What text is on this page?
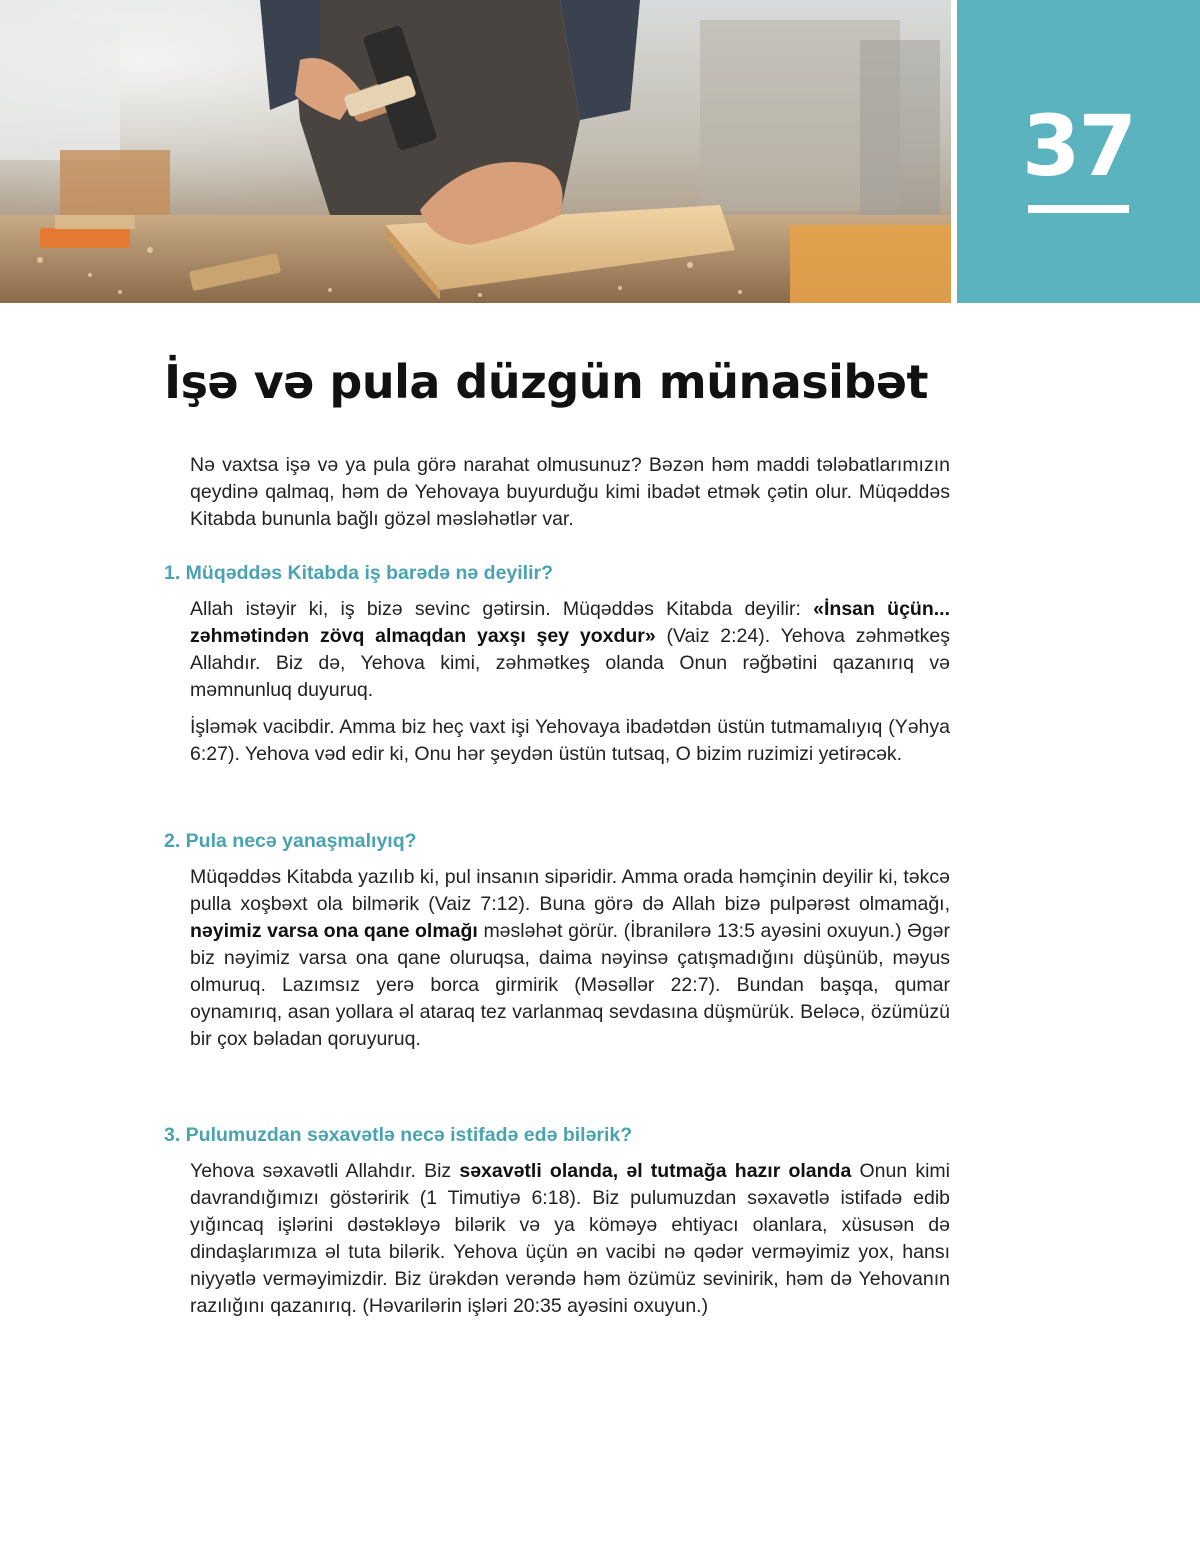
37
İşə və pula düzgün münasibət

Nə vaxtsa işə və ya pula görə narahat olmusunuz? Bəzən həm maddi tələbatlarımızın qeydinə qalmaq, həm də Yehovaya buyurduğu kimi ibadət etmək çətin olur. Müqəddəs Kitabda bununla bağlı gözəl məsləhətlər var.

1. Müqəddəs Kitabda iş barədə nə deyilir?

Allah istəyir ki, iş bizə sevinc gətirsin. Müqəddəs Kitabda deyilir: «İnsan üçün... zəhmətindən zövq almaqdan yaxşı şey yoxdur» (Vaiz 2:24). Yehova zəhmətkeş Allahdır. Biz də, Yehova kimi, zəhmətkeş olanda Onun rəğbətini qazanırıq və məmnunluq duyuruq.

İşləmək vacibdir. Amma biz heç vaxt işi Yehovaya ibadətdən üstün tutmamalıyıq (Yəhya 6:27). Yehova vəd edir ki, Onu hər şeydən üstün tutsaq, O bizim ruzimizi yetirəcək.

2. Pula necə yanaşmalıyıq?

Müqəddəs Kitabda yazılıb ki, pul insanın sipəridir. Amma orada həmçinin deyilir ki, təkcə pulla xoşbəxt ola bilmərik (Vaiz 7:12). Buna görə də Allah bizə pulpərəst olmamağı, nəyimiz varsa ona qane olmağı məsləhət görür. (İbranilərə 13:5 ayəsini oxuyun.) Əgər biz nəyimiz varsa ona qane oluruqsa, daima nəyinsə çatışmadığını düşünüb, məyus olmuruq. Lazımsız yerə borca girmirik (Məsəllər 22:7). Bundan başqa, qumar oynamırıq, asan yollara əl ataraq tez varlanmaq sevdasına düşmürük. Beləcə, özümüzü bir çox bəladan qoruyuruq.

3. Pulumuzdan səxavətlə necə istifadə edə bilərik?

Yehova səxavətli Allahdır. Biz səxavətli olanda, əl tutmağa hazır olanda Onun kimi davrandığımızı göstəririk (1 Timutiyə 6:18). Biz pulumuzdan səxavətlə istifadə edib yığıncaq işlərini dəstəkləyə bilərik və ya köməyə ehtiyacı olanlara, xüsusən də dindaşlarımıza əl tuta bilərik. Yehova üçün ən vacibi nə qədər verməyimiz yox, hansı niyyətlə verməyimizdir. Biz ürəkdən verəndə həm özümüz sevinirik, həm də Yehovanın razılığını qazanırıq. (Həvarilərin işləri 20:35 ayəsini oxuyun.)
